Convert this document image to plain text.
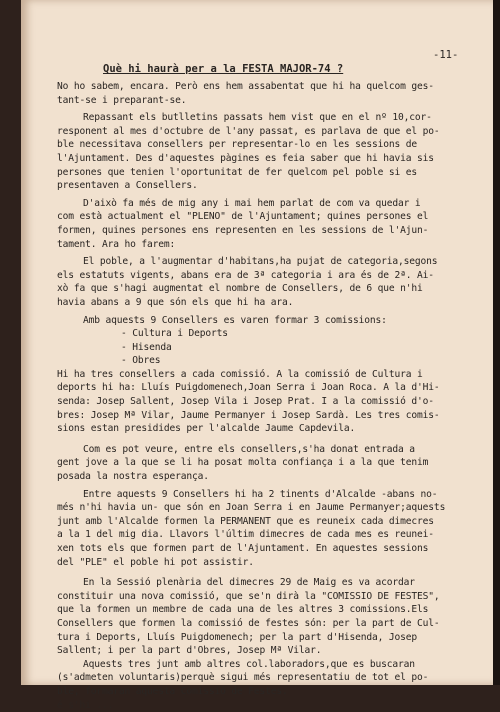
-11-
Què hi haurà per a la FESTA MAJOR-74 ?
No ho sabem, encara. Però ens hem assabentat que hi ha quelcom ges-
tant-se i preparant-se.
Repassant els butlletins passats hem vist que en el nº 10,cor-
responent al mes d'octubre de l'any passat, es parlava de que el po-
ble necessitava consellers per representar-lo en les sessions de
l'Ajuntament. Des d'aquestes pàgines es feia saber que hi havia sis
persones que tenien l'oportunitat de fer quelcom pel poble si es
presentaven a Consellers.
D'això fa més de mig any i mai hem parlat de com va quedar i
com està actualment el "PLENO" de l'Ajuntament; quines persones el
formen, quines persones ens representen en les sessions de l'Ajun-
tament. Ara ho farem:
El poble, a l'augmentar d'habitans,ha pujat de categoria,segons
els estatuts vigents, abans era de 3ª categoria i ara és de 2ª. Ai-
xò fa que s'hagi augmentat el nombre de Consellers, de 6 que n'hi
havia abans a 9 que són els que hi ha ara.
Amb aquests 9 Consellers es varen formar 3 comissions:
- Cultura i Deports
- Hisenda
- Obres
Hi ha tres consellers a cada comissió. A la comissió de Cultura i
deports hi ha: Lluís Puigdomenech,Joan Serra i Joan Roca. A la d'Hi-
senda: Josep Sallent, Josep Vila i Josep Prat. I a la comissió d'o-
bres: Josep Mª Vilar, Jaume Permanyer i Josep Sardà. Les tres comis-
sions estan presidides per l'alcalde Jaume Capdevila.
Com es pot veure, entre els consellers,s'ha donat entrada a
gent jove a la que se li ha posat molta confiança i a la que tenim
posada la nostra esperança.
Entre aquests 9 Consellers hi ha 2 tinents d'Alcalde -abans no-
més n'hi havia un- que són en Joan Serra i en Jaume Permanyer;aquests
junt amb l'Alcalde formen la PERMANENT que es reuneix cada dimecres
a la 1 del mig dia. Llavors l'últim dimecres de cada mes es reunei-
xen tots els que formen part de l'Ajuntament. En aquestes sessions
del "PLE" el poble hi pot assistir.
En la Sessió plenària del dimecres 29 de Maig es va acordar
constituir una nova comissió, que se'n dirà la "COMISSIO DE FESTES",
que la formen un membre de cada una de les altres 3 comissions.Els
Consellers que formen la comissió de festes són: per la part de Cul-
tura i Deports, Lluís Puigdomenech; per la part d'Hisenda, Josep
Sallent; i per la part d'Obres, Josep Mª Vilar.
Aquests tres junt amb altres col.laboradors,que es buscaran
(s'admeten voluntaris)perquè sigui més representatiu de tot el po-
ble, formaran aquesta Comissió de Festes.
é s'hi ...
